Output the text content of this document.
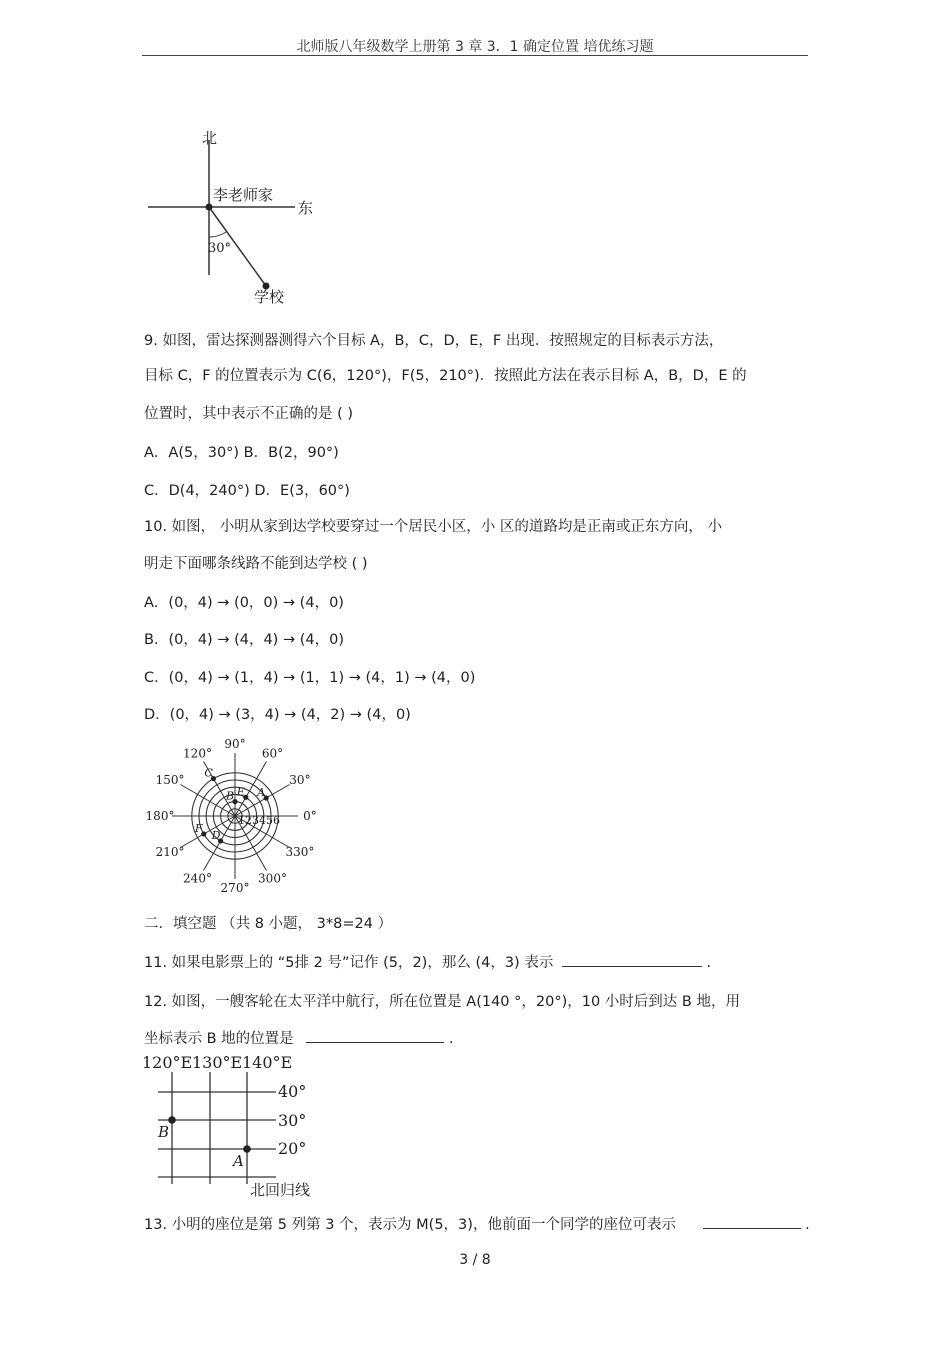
北师版八年级数学上册第 3 章 3．1 确定位置 培优练习题
北
东
李老师家
学校
30°
9. 如图，雷达探测器测得六个目标 A，B，C，D，E，F 出现．按照规定的目标表示方法，
目标 C，F 的位置表示为 C(6，120°)，F(5，210°)．按照此方法在表示目标 A，B，D，E 的
位置时，其中表示不正确的是 ( )
A．A(5，30°) B．B(2，90°)
C．D(4，240°) D．E(3，60°)
10. 如图， 小明从家到达学校要穿过一个居民小区，小 区的道路均是正南或正东方向， 小
明走下面哪条线路不能到达学校 ( )
A．(0，4) → (0，0) → (4，0)
B．(0，4) → (4，4) → (4，0)
C．(0，4) → (1，4) → (1，1) → (4，1) → (4，0)
D．(0，4) → (3，4) → (4，2) → (4，0)
0°
30°
60°
90°
120°
150°
180°
210°
240°
270°
300°
330°
123456
A
B
C
D
E
F
二．填空题 （共 8 小题， 3*8=24 ）
11. 如果电影票上的 “5排 2 号”记作 (5，2)，那么 (4，3) 表示	.
12. 如图，一艘客轮在太平洋中航行，所在位置是 A(140 °，20°)，10 小时后到达 B 地，用
坐标表示 B 地的位置是	.
120°E 130°E 140°E
40°
30°
20°
B
A
北回归线
13. 小明的座位是第 5 列第 3 个，表示为 M(5，3)，他前面一个同学的座位可表示	.
3 / 8
